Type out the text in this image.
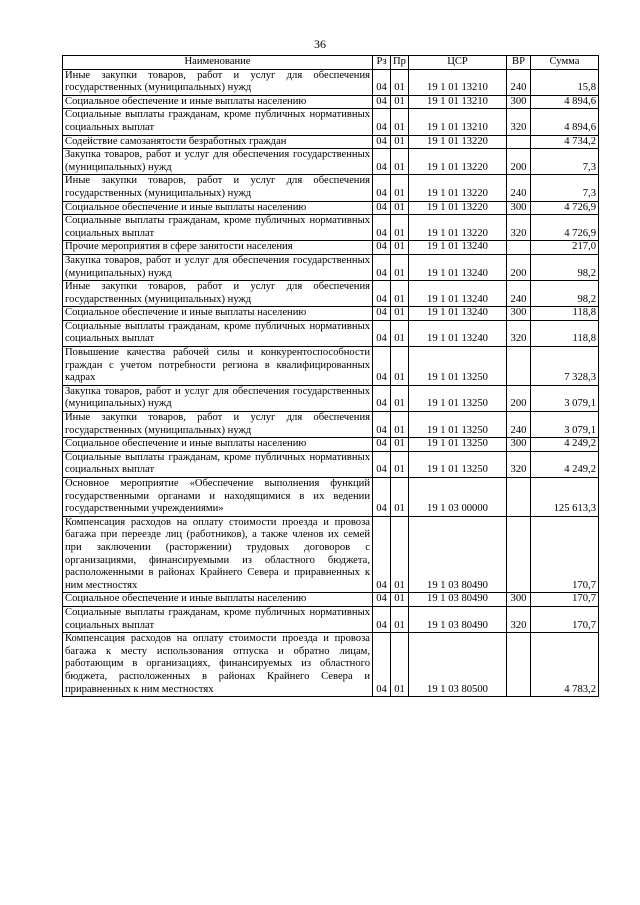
36
Наименование	Рз	Пр	ЦСР	ВР	Сумма
Иные закупки товаров, работ и услуг для обеспечения государственных (муниципальных) нужд	04	01	19 1 01 13210	240	15,8
Социальное обеспечение и иные выплаты населению	04	01	19 1 01 13210	300	4 894,6
Социальные выплаты гражданам, кроме публичных нормативных социальных выплат	04	01	19 1 01 13210	320	4 894,6
Содействие самозанятости безработных граждан	04	01	19 1 01 13220		4 734,2
Закупка товаров, работ и услуг для обеспечения государственных (муниципальных) нужд	04	01	19 1 01 13220	200	7,3
Иные закупки товаров, работ и услуг для обеспечения государственных (муниципальных) нужд	04	01	19 1 01 13220	240	7,3
Социальное обеспечение и иные выплаты населению	04	01	19 1 01 13220	300	4 726,9
Социальные выплаты гражданам, кроме публичных нормативных социальных выплат	04	01	19 1 01 13220	320	4 726,9
Прочие мероприятия в сфере занятости населения	04	01	19 1 01 13240		217,0
Закупка товаров, работ и услуг для обеспечения государственных (муниципальных) нужд	04	01	19 1 01 13240	200	98,2
Иные закупки товаров, работ и услуг для обеспечения государственных (муниципальных) нужд	04	01	19 1 01 13240	240	98,2
Социальное обеспечение и иные выплаты населению	04	01	19 1 01 13240	300	118,8
Социальные выплаты гражданам, кроме публичных нормативных социальных выплат	04	01	19 1 01 13240	320	118,8
Повышение качества рабочей силы и конкурентоспособности граждан с учетом потребности региона в квалифицированных кадрах	04	01	19 1 01 13250		7 328,3
Закупка товаров, работ и услуг для обеспечения государственных (муниципальных) нужд	04	01	19 1 01 13250	200	3 079,1
Иные закупки товаров, работ и услуг для обеспечения государственных (муниципальных) нужд	04	01	19 1 01 13250	240	3 079,1
Социальное обеспечение и иные выплаты населению	04	01	19 1 01 13250	300	4 249,2
Социальные выплаты гражданам, кроме публичных нормативных социальных выплат	04	01	19 1 01 13250	320	4 249,2
Основное мероприятие «Обеспечение выполнения функций государственными органами и находящимися в их ведении государственными учреждениями»	04	01	19 1 03 00000		125 613,3
Компенсация расходов на оплату стоимости проезда и провоза багажа при переезде лиц (работников), а также членов их семей при заключении (расторжении) трудовых договоров с организациями, финансируемыми из областного бюджета, расположенными в районах Крайнего Севера и приравненных к ним местностях	04	01	19 1 03 80490		170,7
Социальное обеспечение и иные выплаты населению	04	01	19 1 03 80490	300	170,7
Социальные выплаты гражданам, кроме публичных нормативных социальных выплат	04	01	19 1 03 80490	320	170,7
Компенсация расходов на оплату стоимости проезда и провоза багажа к месту использования отпуска и обратно лицам, работающим в организациях, финансируемых из областного бюджета, расположенных в районах Крайнего Севера и приравненных к ним местностях	04	01	19 1 03 80500		4 783,2
